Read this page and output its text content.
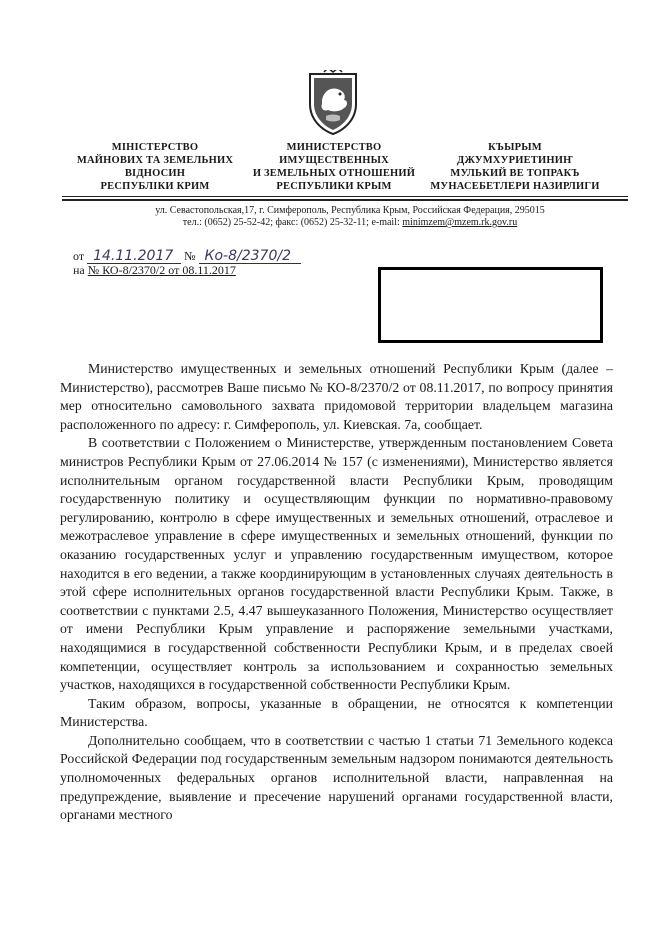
МІНІСТЕРСТВО
МАЙНОВИХ ТА ЗЕМЕЛЬНИХ
ВІДНОСИН
РЕСПУБЛІКИ КРИМ
МИНИСТЕРСТВО
ИМУЩЕСТВЕННЫХ
И ЗЕМЕЛЬНЫХ ОТНОШЕНИЙ
РЕСПУБЛИКИ КРЫМ
КЪЫРЫМ
ДЖУМХУРИЕТИНИҤ
МУЛЬКИЙ ВЕ ТОПРАКЪ
МУНАСЕБЕТЛЕРИ НАЗИРЛИГИ
ул. Севастопольская,17, г. Симферополь, Республика Крым, Российская Федерация, 295015
тел.: (0652) 25-52-42; факс: (0652) 25-32-11; e-mail: minimzem@mzem.rk.gov.ru
от 14.11.2017 № Ко-8/2370/2
на № КО-8/2370/2 от 08.11.2017

Министерство имущественных и земельных отношений Республики Крым (далее – Министерство), рассмотрев Ваше письмо № КО-8/2370/2 от 08.11.2017, по вопросу принятия мер относительно самовольного захвата придомовой территории владельцем магазина расположенного по адресу: г. Симферополь, ул. Киевская. 7а, сообщает.

В соответствии с Положением о Министерстве, утвержденным постановлением Совета министров Республики Крым от 27.06.2014 № 157 (с изменениями), Министерство является исполнительным органом государственной власти Республики Крым, проводящим государственную политику и осуществляющим функции по нормативно-правовому регулированию, контролю в сфере имущественных и земельных отношений, отраслевое и межотраслевое управление в сфере имущественных и земельных отношений, функции по оказанию государственных услуг и управлению государственным имуществом, которое находится в его ведении, а также координирующим в установленных случаях деятельность в этой сфере исполнительных органов государственной власти Республики Крым. Также, в соответствии с пунктами 2.5, 4.47 вышеуказанного Положения, Министерство осуществляет от имени Республики Крым управление и распоряжение земельными участками, находящимися в государственной собственности Республики Крым, и в пределах своей компетенции, осуществляет контроль за использованием и сохранностью земельных участков, находящихся в государственной собственности Республики Крым.

Таким образом, вопросы, указанные в обращении, не относятся к компетенции Министерства.

Дополнительно сообщаем, что в соответствии с частью 1 статьи 71 Земельного кодекса Российской Федерации под государственным земельным надзором понимаются деятельность уполномоченных федеральных органов исполнительной власти, направленная на предупреждение, выявление и пресечение нарушений органами государственной власти, органами местного
